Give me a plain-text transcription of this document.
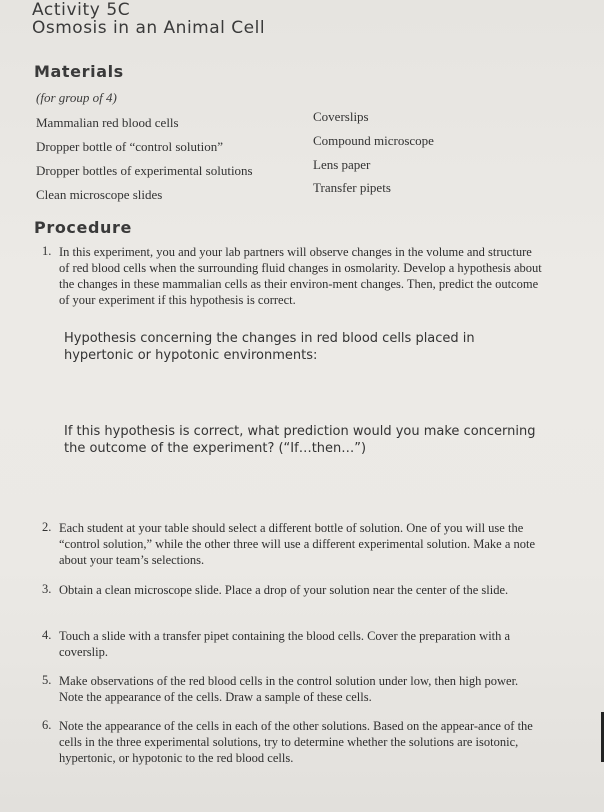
Activity 5C
Osmosis in an Animal Cell
Materials
(for group of 4)
Mammalian red blood cells
Dropper bottle of “control solution”
Dropper bottles of experimental solutions
Clean microscope slides
Coverslips
Compound microscope
Lens paper
Transfer pipets
Procedure
1. In this experiment, you and your lab partners will observe changes in the volume and structure of red blood cells when the surrounding fluid changes in osmolarity. Develop a hypothesis about the changes in these mammalian cells as their environ-ment changes. Then, predict the outcome of your experiment if this hypothesis is correct.
Hypothesis concerning the changes in red blood cells placed in hypertonic or hypotonic environments:
If this hypothesis is correct, what prediction would you make concerning the outcome of the experiment? (“If…then…”)
2. Each student at your table should select a different bottle of solution. One of you will use the “control solution,” while the other three will use a different experimental solution. Make a note about your team’s selections.
3. Obtain a clean microscope slide. Place a drop of your solution near the center of the slide.
4. Touch a slide with a transfer pipet containing the blood cells. Cover the preparation with a coverslip.
5. Make observations of the red blood cells in the control solution under low, then high power. Note the appearance of the cells. Draw a sample of these cells.
6. Note the appearance of the cells in each of the other solutions. Based on the appear-ance of the cells in the three experimental solutions, try to determine whether the solutions are isotonic, hypertonic, or hypotonic to the red blood cells.
